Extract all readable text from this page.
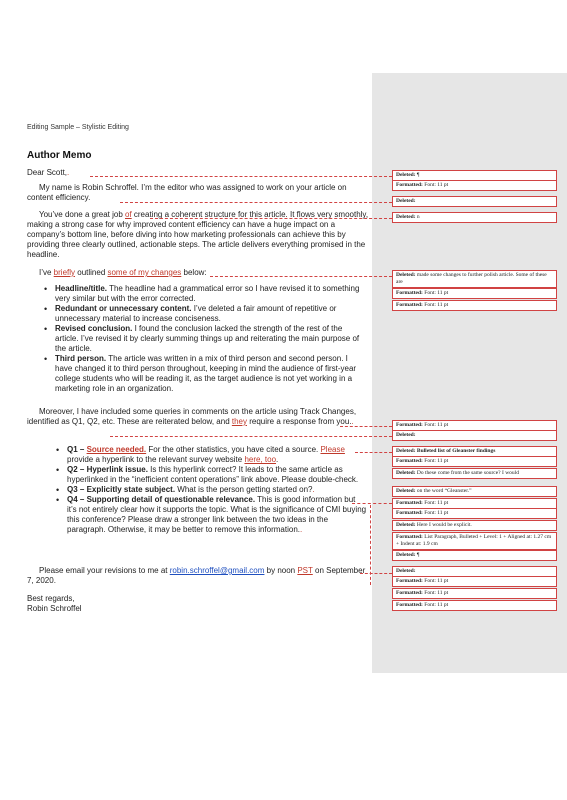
Editing Sample – Stylistic Editing
Author Memo
Dear Scott,.
My name is Robin Schroffel. I’m the editor who was assigned to work on your article on content efficiency.
You’ve done a great job of creating a coherent structure for this article. It flows very smoothly, making a strong case for why improved content efficiency can have a huge impact on a company’s bottom line, before diving into how marketing professionals can achieve this by providing three clearly outlined, actionable steps. The article delivers everything promised in the headline.
I’ve briefly outlined some of my changes below:
• Headline/title. The headline had a grammatical error so I have revised it to something very similar but with the error corrected.
• Redundant or unnecessary content. I’ve deleted a fair amount of repetitive or unnecessary material to increase conciseness.
• Revised conclusion. I found the conclusion lacked the strength of the rest of the article. I’ve revised it by clearly summing things up and reiterating the main purpose of the article.
• Third person. The article was written in a mix of third person and second person. I have changed it to third person throughout, keeping in mind the audience of first-year college students who will be reading it, as the target audience is not yet working in a marketing role in an organization.
Moreover, I have included some queries in comments on the article using Track Changes, identified as Q1, Q2, etc. These are reiterated below, and they require a response from you..
• Q1 – Source needed. For the other statistics, you have cited a source. Please provide a hyperlink to the relevant survey website here, too.
• Q2 – Hyperlink issue. Is this hyperlink correct? It leads to the same article as hyperlinked in the “inefficient content operations” link above. Please double-check.
• Q3 – Explicitly state subject. What is the person getting started on?.
• Q4 – Supporting detail of questionable relevance. This is good information but it’s not entirely clear how it supports the topic. What is the significance of CMI buying this conference? Please draw a stronger link between the two ideas in the paragraph. Otherwise, it may be better to remove this information..
Please email your revisions to me at robin.schroffel@gmail.com by noon PST on September 7, 2020.
Best regards,
Robin Schroffel
Deleted: ¶
Formatted: Font: 11 pt
Deleted:
Deleted: n
Deleted: made some changes to further polish article. Some of these are
Formatted: Font: 11 pt
Formatted: Font: 11 pt
Formatted: Font: 11 pt
Deleted:
Deleted: Bulleted list of Gleanster findings
Formatted: Font: 11 pt
Deleted: Do these come from the same source? I would
Deleted: on the word “Gleanster.”
Formatted: Font: 11 pt
Formatted: Font: 11 pt
Deleted: Here I would be explicit.
Formatted: List Paragraph, Bulleted + Level: 1 + Aligned at: 1.27 cm + Indent at: 1.9 cm
Deleted: ¶
Deleted:
Formatted: Font: 11 pt
Formatted: Font: 11 pt
Formatted: Font: 11 pt
